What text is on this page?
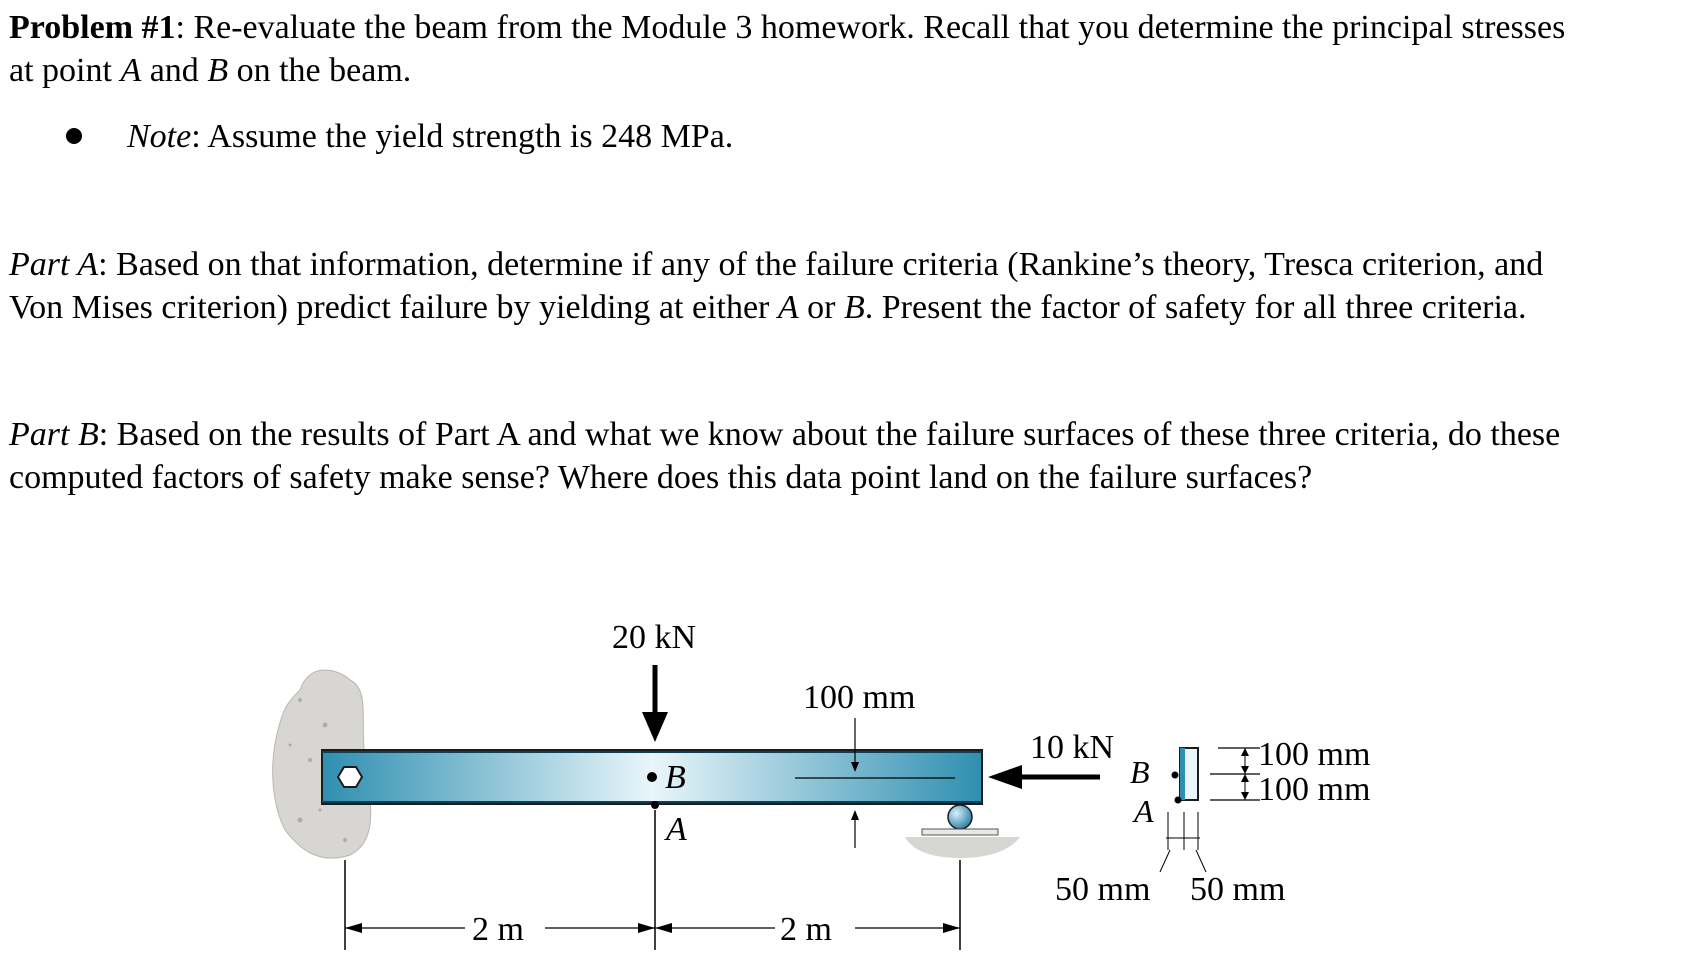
Problem #1: Re-evaluate the beam from the Module 3 homework. Recall that you determine the principal stresses
at point A and B on the beam.
Note: Assume the yield strength is 248 MPa.
Part A: Based on that information, determine if any of the failure criteria (Rankine’s theory, Tresca criterion, and
Von Mises criterion) predict failure by yielding at either A or B. Present the factor of safety for all three criteria.
Part B: Based on the results of Part A and what we know about the failure surfaces of these three criteria, do these
computed factors of safety make sense? Where does this data point land on the failure surfaces?
20 kN
B
A
100 mm
10 kN
B
A
100 mm
100 mm
50 mm 50 mm
2 m	2 m
